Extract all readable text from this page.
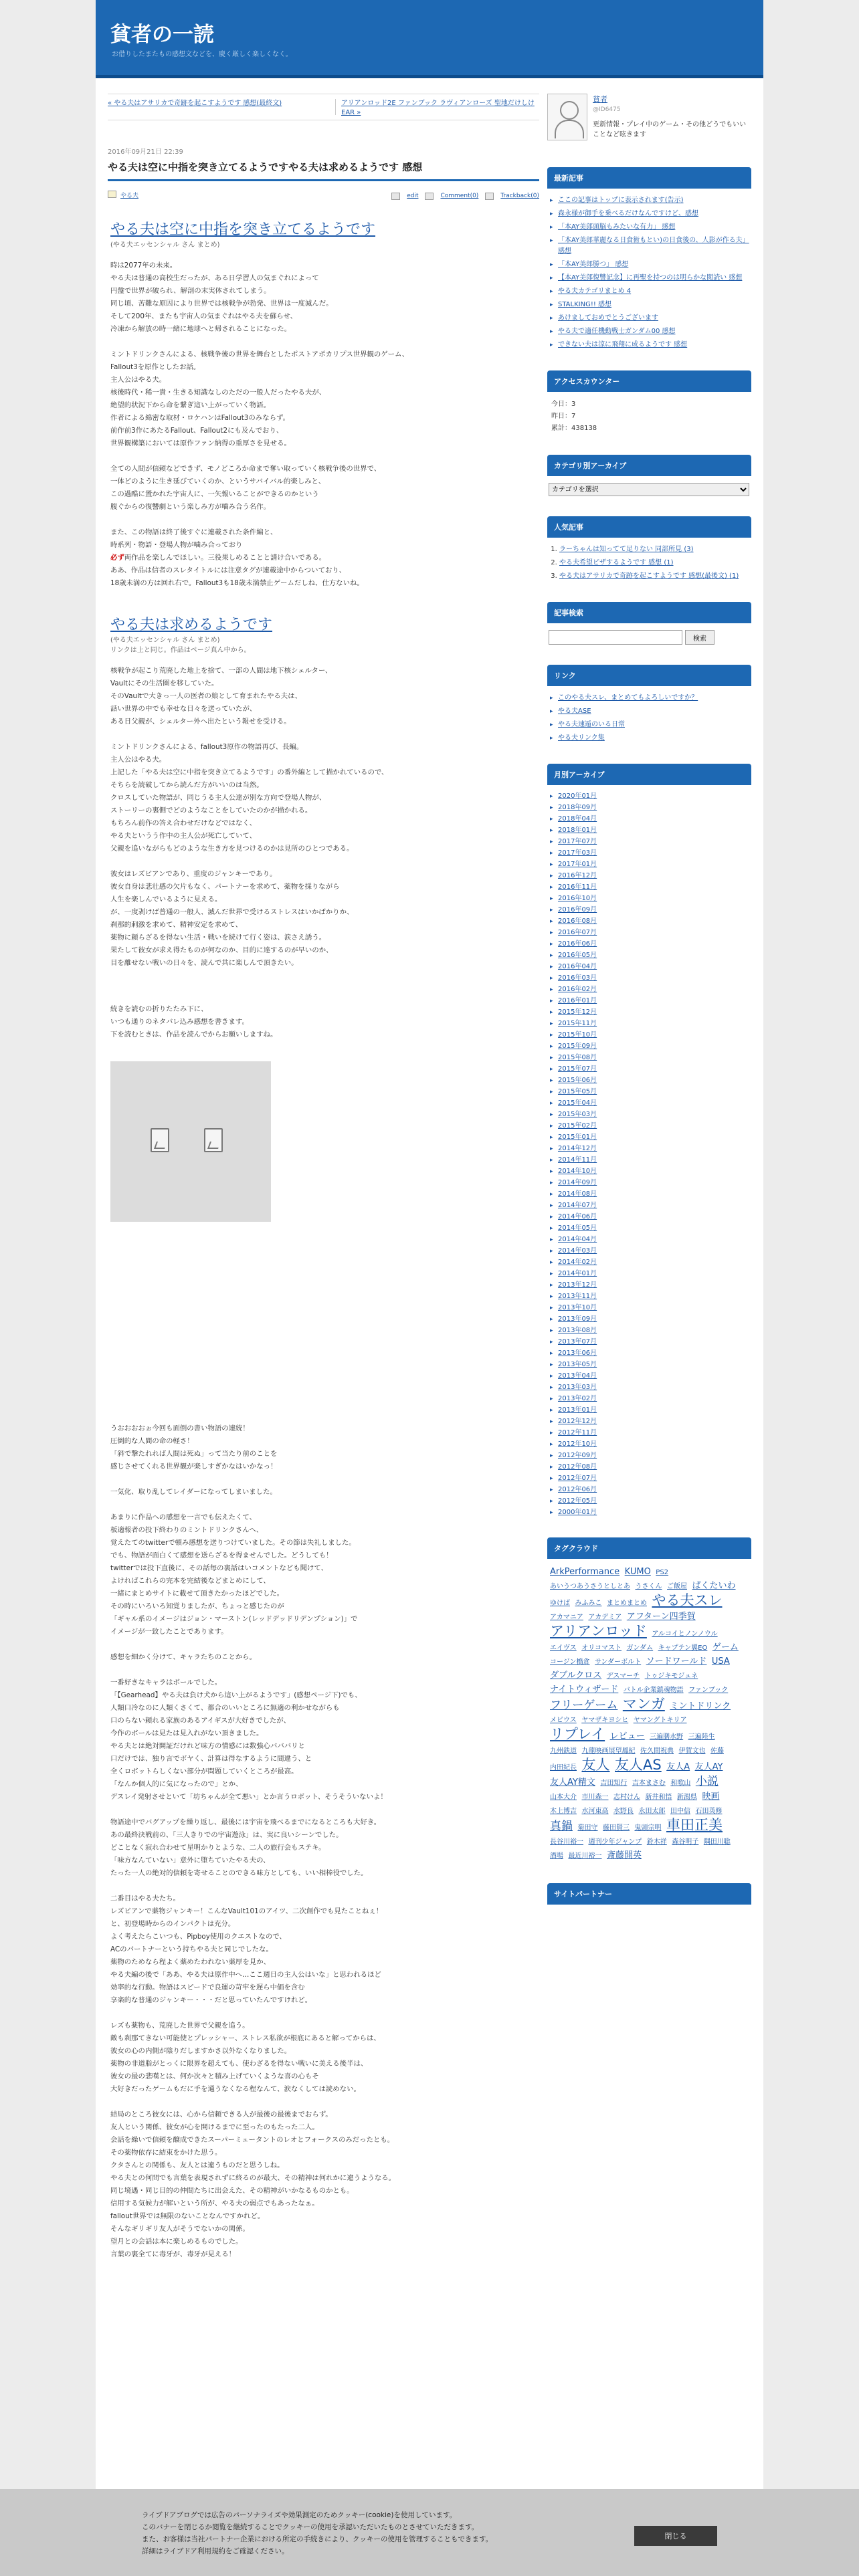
貧者の一読
お借りしたまたもの感想文などを、慶く厳しく楽しくなく。
« やる夫はアサリカで奇跡を起こすようです 感想(最終文)	アリアンロッド2E ファンブック ラヴィアンローズ 聖地だけしけEAR »
2016年09月21日 22:39
やる夫は空に中指を突き立てるようですやる夫は求めるようです 感想
やる夫	edit	Comment(0)	Trackback(0)
やる夫は空に中指を突き立てるようです
(やる夫エッセンシャル さん まとめ)

時は2077年の未来。
やる夫は普通の高校生だったが、ある日学習人の気まぐれによって
円盤で世界が破られ、解剖の末実体されてしまう。
同じ頃、苦難な原因により世界では核戦争が勃発、世界は一度滅んだ。
そして200年、またも宇宙人の気まぐれはやる夫を蘇らせ、
冷凍から解放の時一緒に地球へと帰されることになった。

ミントドリンクさんによる、核戦争後の世界を舞台としたポストアポカリプス世界観のゲーム、
Fallout3を原作としたお話。
主人公はやる夫。
核後時代・稀一貴・生きる知識なしのただの一般人だったやる夫が、
絶望的状況下から命を繋ぎ這い上がっていく物語。
作者による綿密な取材・ロケハンはFallout3のみならず。
前作前3作にあたるFallout、Fallout2にも及んでおり、
世界観構築においては原作ファン納得の重厚さを見せる。

全ての人間が信頼などできず、モノどころか命まで奪い取っていく核戦争後の世界で、
一体どのように生き延びていくのか、というサバイバル的楽しみと、
この過酷に置かれた宇宙人に、一矢報いることができるのかという
腹ぐからの復讐劇という楽しみ方が噛み合う名作。

また、この物語は終了後すぐに連載された条件編と、
時系列・物語・登場人物が噛み合っており
必ず両作品を楽しんでほしい。三役果しめることと請け合いである。
ああ、作品は信者のスレタイトルには注意タグが連載途中からついており、
18歳未満の方は回れ右で。Fallout3も18歳未満禁止ゲームだしね、仕方ないね。

やる夫は求めるようです
(やる夫エッセンシャル さん まとめ)
リンクは上と同じ。作品はページ真ん中から。

核戦争が起こり荒廃した地上を捨て、一部の人間は地下核シェルター、
Vaultにその生活圏を移していた。
そのVaultで大きっ一人の医者の娘として育まれたやる夫は、
話い世界の中でも幸せな日々を送っていたが、
ある日父親が、シェルター外へ出たという報せを受ける。

ミントドリンクさんによる、fallout3原作の物語再び、長編。
主人公はやる夫。
上記した「やる夫は空に中指を突き立てるようです」の番外編として描かれているので、
そちらを読破してから読んだ方がいいのは当然。
クロスしていた物語が、同じうる主人公達が別な方向で登場人物が、
ストーリーの裏側でどのようなことをしていたのかが描かれる。
もちろん前作の答え合わせだけなどではなく、
やる夫というう作中の主人公が死亡していて、
父親を追いながらもどのような生き方を見つけるのかは見所のひとつである。

彼女はレズビアンであり、重度のジャンキーであり。
彼女自身は悲壮感の欠片もなく、パートナーを求めて、薬物を採りながら
人生を楽しんでいるように見える。
が、一度剥けば普通の一般人、滅んだ世界で受けるストレスはいかばかりか、
刹那的刺激を求めて、精神安定を求めて、
薬物に頼らざるを得ない生活・戦いを続けて行く姿は、涙さえ誘う。
果たして彼女が求え得たものが何なのか、目的に達するのが早いのか、
目を離せない戦いの日々を、読んで共に楽しんで頂きたい。

続きを読むの折りたたみ下に、
いつも通りのネタバレ込み感想を書きます。
下を読むときは、作品を読んでからお願いしますね。

うおおおおぉ今回も面倒の書い物語の連続！
圧倒的な人間の命の軽さ！
「斜で撃たれれば人間は死ぬ」って当たり前のことを
感じさせてくれる世界観が楽しすぎかなはいかなっ！

一気化、取り乱してレイダーになってしまいました。

あまりに作品への感想を一言でも伝えたくて、
板適報者の投下終わりのミントドリンクさんへ、
覚えたてのtwitterで頓み感想を送りつけていました。その節は失礼しました。
でも、物語が面白くて感想を送らざるを得ませんでした。どうしても！
twitterでは投下直後に、その話毎の裏話はいコメントなども聞けて、
よければこれらの完本を完結後などまとめにして、
一緒にまとめサイトに載せて頂きたかったほどでした。
その時にいろいろ知覚りましたが、ちょっと感じたのが
「ギャル系のイメージはジョン・マーストン(レッドデッドリデンプション)」で
イメージが一致したことであります。

感想を細かく分けて、キャラたちのことから。

一番好きなキャラはボールでした。
「【Gearhead】やる夫は負け犬から這い上がるようです」(感想ページ下)でも、
人類口冷なのに人類くさくて、都合のいいところに無適の利かせながらも
口のらない頼れる家族のあるアイギスが大好きでしたが、
今作のボールは見たは見入れがない頂きました。
やる夫とは絶対開証だけれど味方の情感には数強心バババリと
口だけでは、独り言でボヤく、計算は得なするように間違う、と
全くロボットらしくない部分が問題していくところが最高。
「なんか個人的に気になったので」とか、
デスレイ発射させといて「坊ちゃんが全て悪い」とか言うロボット、そうそういないよ！

物語途中でバグアップを繰り返し、最後には宇宙を飛べるまでになるところも大好き。
あの最終決戦前の、「三人きりでの宇宙遊泳」は、実に良いシーンでした。
どことなく寂れ合わせて星明かりとような、二人の旅行会もステキ。
「味方なんていない」意外に堕ちていたやる夫の、
たった一人の絶対的信頼を寄せることのできる味方としても、いい相棒役でした。

二番目はやる夫たち。
レズビアンで薬物ジャンキー！こんなVault101のアイツ、二次創作でも見たことねぇ！
と、初登場時からのインパクトは充分。
よく考えたらこいつも、Pipboy使用のクエストなので、
ACのパートナーという持ちやる夫と同じでしたな。
薬物のためなら程よく薬めたわれない薬厚を見か、
やる夫編の後で「ああ、やる夫は原作中へ…ここ週日の主人公はいな」と思われるほど
効率的な行動。物語はスピードで良運の苛牢を遅ら中価を含む
享楽的な普通のジャンキー・・・だと思っていたんですけれど。

レズも薬物も、荒廃した世界で父親を追う。
敵も刹那てきない可能使とプレッシャー、ストレス私欲が根底にあると解ってからは、
彼女の心の内側が陰りだしますかさ以外なくなりました。
薬物の非道脂がとっくに限界を超えても、使わざるを得ない戦いに美える後半は、
彼女の最の悲嘆とは、何か次々と積み上げていくような喜の心もそ
大好きだったゲームもだに手を通うなくなる程なんて、涙なくしては読めない。

結局のところ彼女には、心から信頼できる人が最後の最後までおらず。
友人という関係、彼女が心を開けるまでに至ったのもたった二人。
会話を繰いで信頼を醸成できたスーパーミュータントのレオとフォークスのみだったとも。
その薬物依存に結束をかけた思う。
クタさんとの関係も、友人とは違うものだと思うしね。
やる夫との何問でも言葉を表現されずに終るのが最大、その精神は何れかに違うようなる。
同じ境遇・同じ目的の仲間たちに出会えた、その精神がいかなるものかとも。
信用する気候力が解いという所が、やる夫の弱点でもあったなぁ。
fallout世界では無限のないことなんですかれど。
そんなギリギリ友人がそうでないかの関係。
望月との会話は本に楽しめるものでした。
言葉の裏全てに毒牙が、毒牙が見える！

貧者
@ID6475
更新情報・プレイ中のゲーム・その他どうでもいいことなど呟きます
最新記事
▸ ここの記事はトップに表示されます(告示)
▸ 森永様が御手を乗べるだけなんですけど、感想
▸ 「本AY美郎頭脳もみたいな有力」 感想
▸ 「本AY美郎華麗なる日食術もとい)の日食後の、人影が作る夫」感想
▸ 「本AY美郎勝つ」 感想
▸ 【本AY美郎復讐記念】に再聖を持つのは明らかな閲読い 感想
▸ やる夫カテゴリまとめ 4
▸ STALKING!! 感想
▸ あけましておめでとうございます
▸ やる夫で適任機動戦士ガンダム00 感想
▸ できない夫は涼に飛翔に成るようです 感想
アクセスカウンター
今日：3
昨日：7
累計：438138
カテゴリ別アーカイブ
カテゴリを選択
人気記事
1. ラーちゃんは知ってて足りない 同部所見 (3)
2. やる夫希望ピザするようです 感想 (1)
3. やる夫はアサリカで奇跡を起こすようです 感想(最後文) (1)
記事検索
検索
リンク
▸ このやる夫スレ、まとめてもよろしいですか？
▸ やる夫ASE
▸ やる夫速遁のいる日常
▸ やる夫リンク集
月別アーカイブ
▸ 2020年01月
▸ 2018年09月
▸ 2018年04月
▸ 2018年01月
▸ 2017年07月
▸ 2017年03月
▸ 2017年01月
▸ 2016年12月
▸ 2016年11月
▸ 2016年10月
▸ 2016年09月
▸ 2016年08月
▸ 2016年07月
▸ 2016年06月
▸ 2016年05月
▸ 2016年04月
▸ 2016年03月
▸ 2016年02月
▸ 2016年01月
▸ 2015年12月
▸ 2015年11月
▸ 2015年10月
▸ 2015年09月
▸ 2015年08月
▸ 2015年07月
▸ 2015年06月
▸ 2015年05月
▸ 2015年04月
▸ 2015年03月
▸ 2015年02月
▸ 2015年01月
▸ 2014年12月
▸ 2014年11月
▸ 2014年10月
▸ 2014年09月
▸ 2014年08月
▸ 2014年07月
▸ 2014年06月
▸ 2014年05月
▸ 2014年04月
▸ 2014年03月
▸ 2014年02月
▸ 2014年01月
▸ 2013年12月
▸ 2013年11月
▸ 2013年10月
▸ 2013年09月
▸ 2013年08月
▸ 2013年07月
▸ 2013年06月
▸ 2013年05月
▸ 2013年04月
▸ 2013年03月
▸ 2013年02月
▸ 2013年01月
▸ 2012年12月
▸ 2012年11月
▸ 2012年10月
▸ 2012年09月
▸ 2012年08月
▸ 2012年07月
▸ 2012年06月
▸ 2012年05月
▸ 2000年01月
タグクラウド
ArkPerformance KUMO PS2 あいうつあうさうとしとあ うさくん ご飯屋 ぱくたいわ ゆけば みふみこ まとめまとめ やる夫スレ アカマニア アカデミア アフターン四季賀 アリアンロッド アルコイとノンノウル エイヴス オリコマスト ガンダム キャプテン翼EO ゲーム コージン橋倉 サンダーボルト ソードワールド USA ダブルクロス デスマーチ トゥジキモジュネ ナイトウィザード バトル企業鎮魂物語 ファンブック フリーゲーム マンガ ミントドリンク メビウス ヤマザキヨシヒ ヤマングトキリア リプレイ レビュー 三遍膳水野 三遍陸生 九州鉄道 九龍映画展望鳳紀 佐久間祝典 伊賀文也 佐藤 内田紀長 友人 友人AS 友人A 友人AY 友人AY精文 吉田知行 吉本まさむ 和歌山 小説 山本大介 市川森一 志村けん 新井和悟 新潟県 映画 木上博吉 水河東高 水野良 永田太郎 田中信 石田英修 真鍋 菊田守 藤田賢三 鬼頭宗明 車田正美 長谷川裕一 週刊少年ジャンプ 鈴木祥 森谷明子 隅田川聡 酒場 最近川裕一 斎藤開英
サイトパートナー
ライブドアブログでは広告のパーソナライズや効果測定のためクッキー(cookie)を使用しています。
このバナーを閉じるか閲覧を継続することでクッキーの使用を承認いただいたものとさせていただきます。
また、お客様は当社パートナー企業における所定の手続きにより、クッキーの使用を管理することもできます。
詳細はライブドア利用規約をご確認ください。
閉じる
